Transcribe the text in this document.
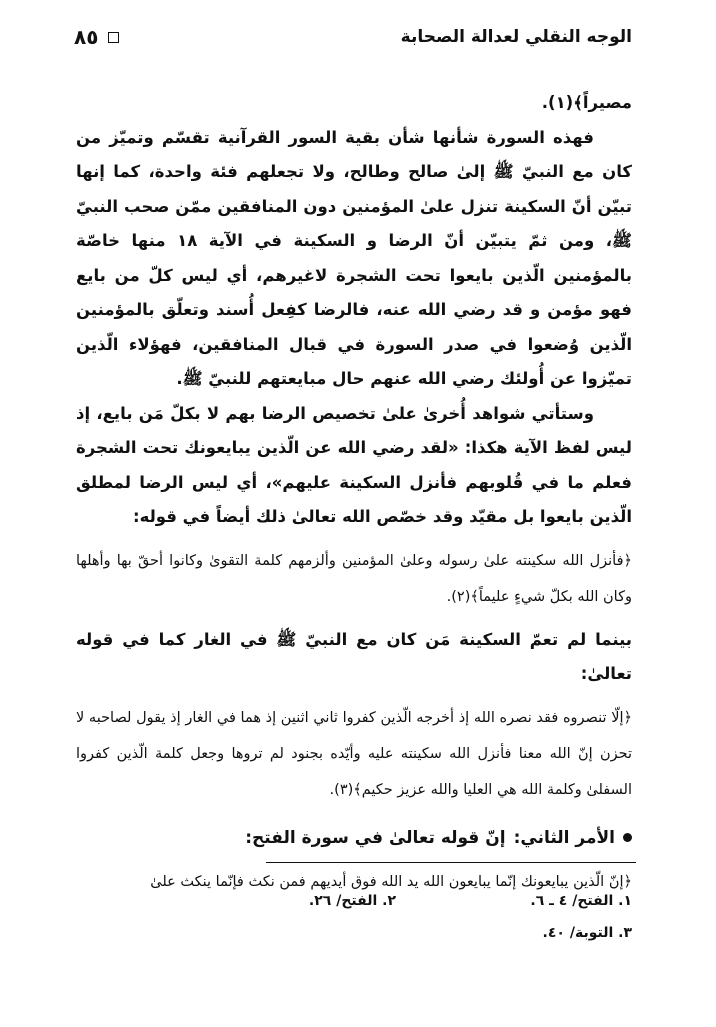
الوجه النقلي لعدالة الصحابة
٨٥
مصيراً﴾(١).
فهذه السورة شأنها شأن بقية السور القرآنية تقسّم وتميّز من كان مع النبيّ ﷺ إلىٰ صالح وطالح، ولا تجعلهم فئة واحدة، كما إنها تبيّن أنّ السكينة تنزل علىٰ المؤمنين دون المنافقين ممّن صحب النبيّ ﷺ، ومن ثمّ يتبيّن أنّ الرضا و السكينة في الآية ١٨ منها خاصّة بالمؤمنين الّذين بايعوا تحت الشجرة لاغيرهم، أي ليس كلّ من بايع فهو مؤمن و قد رضي الله عنه، فالرضا كفِعل أُسند وتعلّق بالمؤمنين الّذين وُضعوا في صدر السورة في قبال المنافقين، فهؤلاء الّذين تميّزوا عن أُولئك رضي الله عنهم حال مبايعتهم للنبيّ ﷺ.
وستأتي شواهد أُخرىٰ علىٰ تخصيص الرضا بهم لا بكلّ مَن بايع، إذ ليس لفظ الآية هكذا: «لقد رضي الله عن الّذين يبايعونك تحت الشجرة فعلم ما في قُلوبهم فأنزل السكينة عليهم»، أي ليس الرضا لمطلق الّذين بايعوا بل مقيّد وقد خصّص الله تعالىٰ ذلك أيضاً في قوله:
﴿فأنزل الله سكينته علىٰ رسوله وعلىٰ المؤمنين وألزمهم كلمة التقوىٰ وكانوا أحقّ بها وأهلها وكان الله بكلّ شيءٍ عليماً﴾(٢).
بينما لم تعمّ السكينة مَن كان مع النبيّ ﷺ في الغار كما في قوله تعالىٰ:
﴿إلّا تنصروه فقد نصره الله إذ أخرجه الّذين كفروا ثاني اثنين إذ هما في الغار إذ يقول لصاحبه لا تحزن إنّ الله معنا فأنزل الله سكينته عليه وأيّده بجنود لم تروها وجعل كلمة الّذين كفروا السفلىٰ وكلمة الله هي العليا والله عزيز حكيم﴾(٣).
الأمر الثاني:
إنّ قوله تعالىٰ في سورة الفتح:
﴿إنّ الّذين يبايعونك إنّما يبايعون الله يد الله فوق أيديهم فمن نكث فإنّما ينكث علىٰ
١. الفتح/ ٤ ـ ٦.
٢. الفتح/ ٢٦.
٣. التوبة/ ٤٠.
